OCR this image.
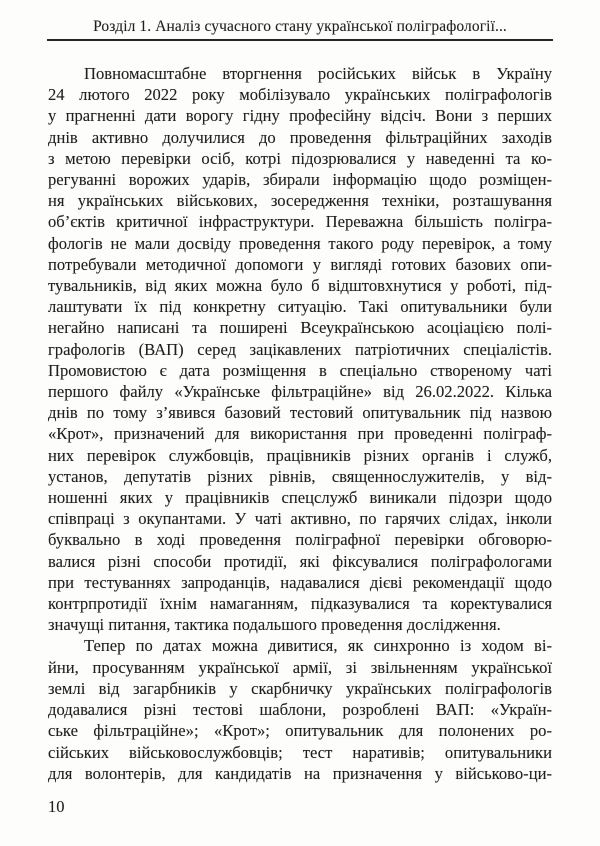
Розділ 1. Аналіз сучасного стану української поліграфології...
Повномасштабне вторгнення російських військ в Україну
24 лютого 2022 року мобілізувало українських поліграфологів
у прагненні дати ворогу гідну професійну відсіч. Вони з перших
днів активно долучилися до проведення фільтраційних заходів
з метою перевірки осіб, котрі підозрювалися у наведенні та ко-
регуванні ворожих ударів, збирали інформацію щодо розміщен-
ня українських військових, зосередження техніки, розташування
об’єктів критичної інфраструктури. Переважна більшість полігра-
фологів не мали досвіду проведення такого роду перевірок, а тому
потребували методичної допомоги у вигляді готових базових опи-
тувальників, від яких можна було б відштовхнутися у роботі, під-
лаштувати їх під конкретну ситуацію. Такі опитувальники були
негайно написані та поширені Всеукраїнською асоціацією полі-
графологів (ВАП) серед зацікавлених патріотичних спеціалістів.
Промовистою є дата розміщення в спеціально створеному чаті
першого файлу «Українське фільтраційне» від 26.02.2022. Кілька
днів по тому з’явився базовий тестовий опитувальник під назвою
«Крот», призначений для використання при проведенні поліграф-
них перевірок службовців, працівників різних органів і служб,
установ, депутатів різних рівнів, священнослужителів, у від-
ношенні яких у працівників спецслужб виникали підозри щодо
співпраці з окупантами. У чаті активно, по гарячих слідах, інколи
буквально в ході проведення поліграфної перевірки обговорю-
валися різні способи протидії, які фіксувалися поліграфологами
при тестуваннях запроданців, надавалися дієві рекомендації щодо
контрпротидії їхнім намаганням, підказувалися та коректувалися
значущі питання, тактика подальшого проведення дослідження.
Тепер по датах можна дивитися, як синхронно із ходом ві-
йни, просуванням української армії, зі звільненням української
землі від загарбників у скарбничку українських поліграфологів
додавалися різні тестові шаблони, розроблені ВАП: «Україн-
ське фільтраційне»; «Крот»; опитувальник для полонених ро-
сійських військовослужбовців; тест наративів; опитувальники
для волонтерів, для кандидатів на призначення у військово-ци-
10
